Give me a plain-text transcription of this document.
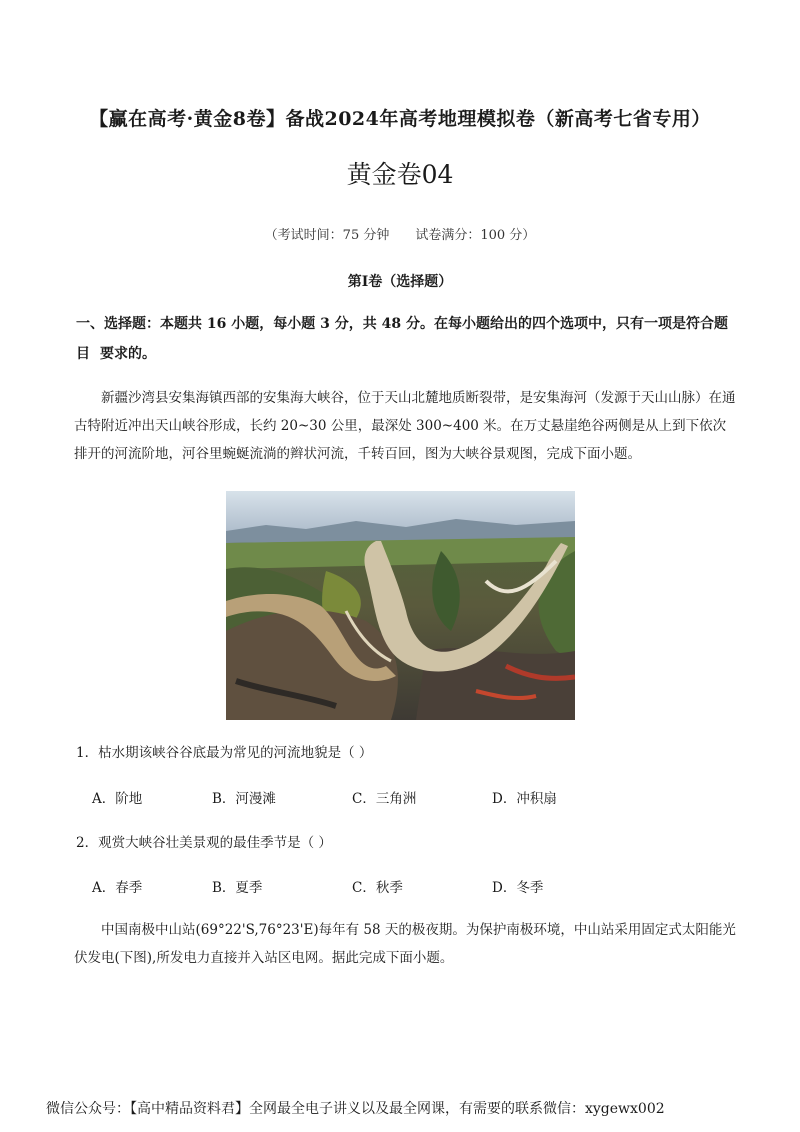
【赢在高考·黄金8卷】备战2024年高考地理模拟卷（新高考七省专用）
黄金卷04
（考试时间：75 分钟 试卷满分：100 分）
第Ⅰ卷（选择题）
一、选择题：本题共 16 小题，每小题 3 分，共 48 分。在每小题给出的四个选项中，只有一项是符合题目 要求的。
新疆沙湾县安集海镇西部的安集海大峡谷，位于天山北麓地质断裂带，是安集海河（发源于天山山脉）在通古特附近冲出天山峡谷形成，长约 20~30 公里，最深处 300~400 米。在万丈悬崖绝谷两侧是从上到下依次排开的河流阶地，河谷里蜿蜒流淌的辫状河流，千转百回，图为大峡谷景观图，完成下面小题。
1．枯水期该峡谷谷底最为常见的河流地貌是（ ）
A．阶地	B．河漫滩	C．三角洲	D．冲积扇
2．观赏大峡谷壮美景观的最佳季节是（ ）
A．春季	B．夏季	C．秋季	D．冬季
中国南极中山站(69°22'S,76°23'E)每年有 58 天的极夜期。为保护南极环境，中山站采用固定式太阳能光伏发电(下图),所发电力直接并入站区电网。据此完成下面小题。
微信公众号：【高中精品资料君】全网最全电子讲义以及最全网课，有需要的联系微信：xygewx002
